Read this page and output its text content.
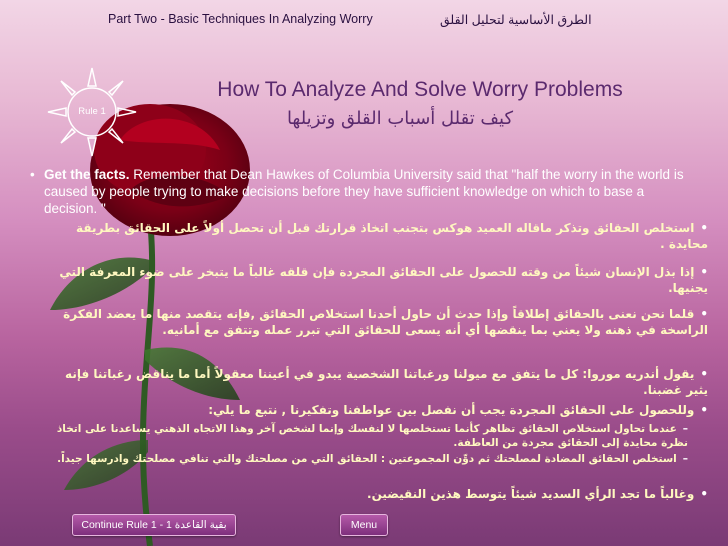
Part Two - Basic Techniques In Analyzing Worry	الطرق الأساسية لتحليل القلق
Rule 1
How To Analyze And Solve Worry Problems
كيف تقلل أسباب القلق وتزيلها
• Get the facts. Remember that Dean Hawkes of Columbia University said that "half the worry in the world is caused by people trying to make decisions before they have sufficient knowledge on which to base a decision. "
•استخلص الحقائق وتذكر ماقاله العميد هوكس بتجنب اتخاذ قرارتك قبل أن تحصل أولاً على الحقائق بطريقة محايدة .
•إذا بذل الإنسان شيئاً من وقته للحصول على الحقائق المجردة فإن قلقه غالباً ما يتبخر على ضوء المعرفة التي يجنيها.
•قلما نحن نعنى بالحقائق إطلاقاً وإذا حدث أن حاول أحدنا استخلاص الحقائق ,فإنه يتقصد منها ما يعضد الفكرة الراسخة في ذهنه ولا يعني بما ينقضها أي أنه يسعى للحقائق التي تبرر عمله وتتفق مع أمانيه.
•يقول أندريه موروا: كل ما يتفق مع ميولنا ورغباتنا الشخصية يبدو في أعيننا معقولاً أما ما يناقض رغباتنا فإنه يثير غضبنا.
•وللحصول على الحقائق المجردة يجب أن نفصل بين عواطفنا وتفكيرنا , نتبع ما يلي:
–عندما تحاول استخلاص الحقائق تظاهر كأنما تستخلصها لا لنفسك وإنما لشخص آخر وهذا الاتجاه الذهني يساعدنا على اتخاذ نظرة محايدة إلى الحقائق مجردة من العاطفة.
–استخلص الحقائق المضادة لمصلحتك ثم دوِّن المجموعتين : الحقائق التي من مصلحتك والتي تنافي مصلحتك وادرسها جيداً.
•وغالباً ما تجد الرأي السديد شيئاً يتوسط هذين النقيضين.
Continue Rule 1 - بقية القاعدة 1	Menu
